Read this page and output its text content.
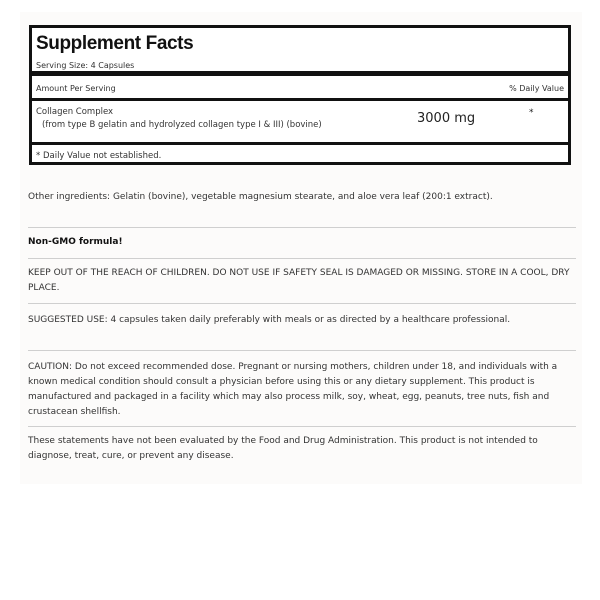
Supplement Facts
Serving Size: 4 Capsules
Amount Per Serving	% Daily Value
Collagen Complex
(from type B gelatin and hydrolyzed collagen type I & III) (bovine)	3000 mg	*
* Daily Value not established.
Other ingredients: Gelatin (bovine), vegetable magnesium stearate, and aloe vera leaf (200:1 extract).
Non-GMO formula!
KEEP OUT OF THE REACH OF CHILDREN. DO NOT USE IF SAFETY SEAL IS DAMAGED OR MISSING. STORE IN A COOL, DRY PLACE.
SUGGESTED USE: 4 capsules taken daily preferably with meals or as directed by a healthcare professional.
CAUTION: Do not exceed recommended dose. Pregnant or nursing mothers, children under 18, and individuals with a known medical condition should consult a physician before using this or any dietary supplement. This product is manufactured and packaged in a facility which may also process milk, soy, wheat, egg, peanuts, tree nuts, fish and crustacean shellfish.
These statements have not been evaluated by the Food and Drug Administration. This product is not intended to diagnose, treat, cure, or prevent any disease.
